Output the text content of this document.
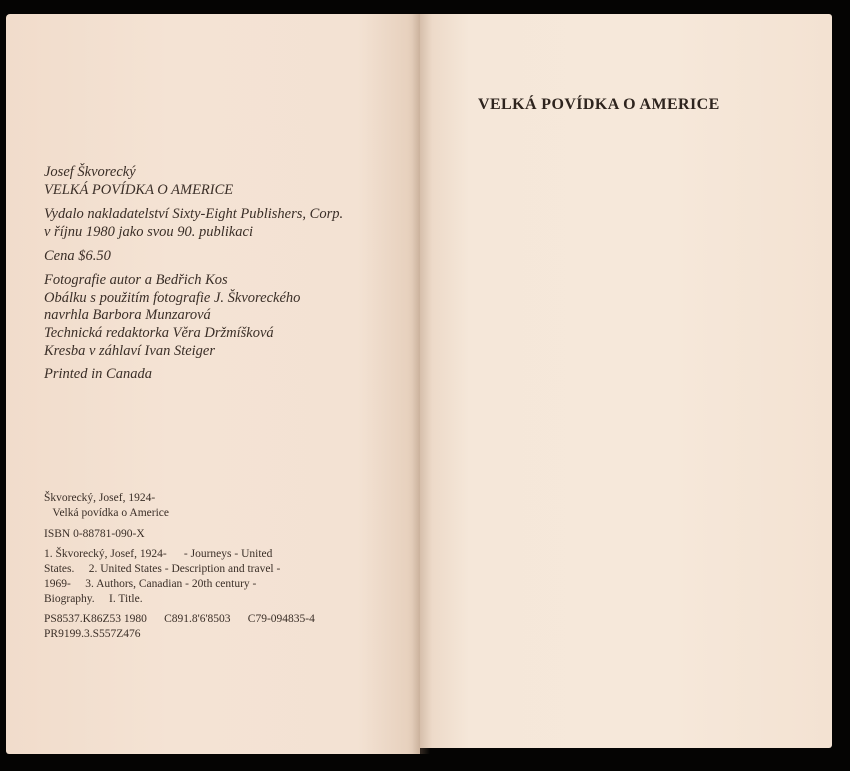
Josef Škvorecký

VELKÁ POVÍDKA O AMERICE

Vydalo nakladatelství Sixty-Eight Publishers, Corp.

v říjnu 1980 jako svou 90. publikaci

Cena $6.50

Fotografie autor a Bedřich Kos

Obálku s použitím fotografie J. Škvoreckého

navrhla Barbora Munzarová

Technická redaktorka Věra Držmíšková

Kresba v záhlaví Ivan Steiger

Printed in Canada

Škvorecký, Josef, 1924-

Velká povídka o Americe

ISBN 0-88781-090-X

1. Škvorecký, Josef, 1924-      - Journeys - United

States.     2. United States - Description and travel -

1969-     3. Authors, Canadian - 20th century -

Biography.     I. Title.

PS8537.K86Z53 1980      C891.8'6'8503      C79-094835-4

PR9199.3.S557Z476

VELKÁ POVÍDKA O AMERICE
